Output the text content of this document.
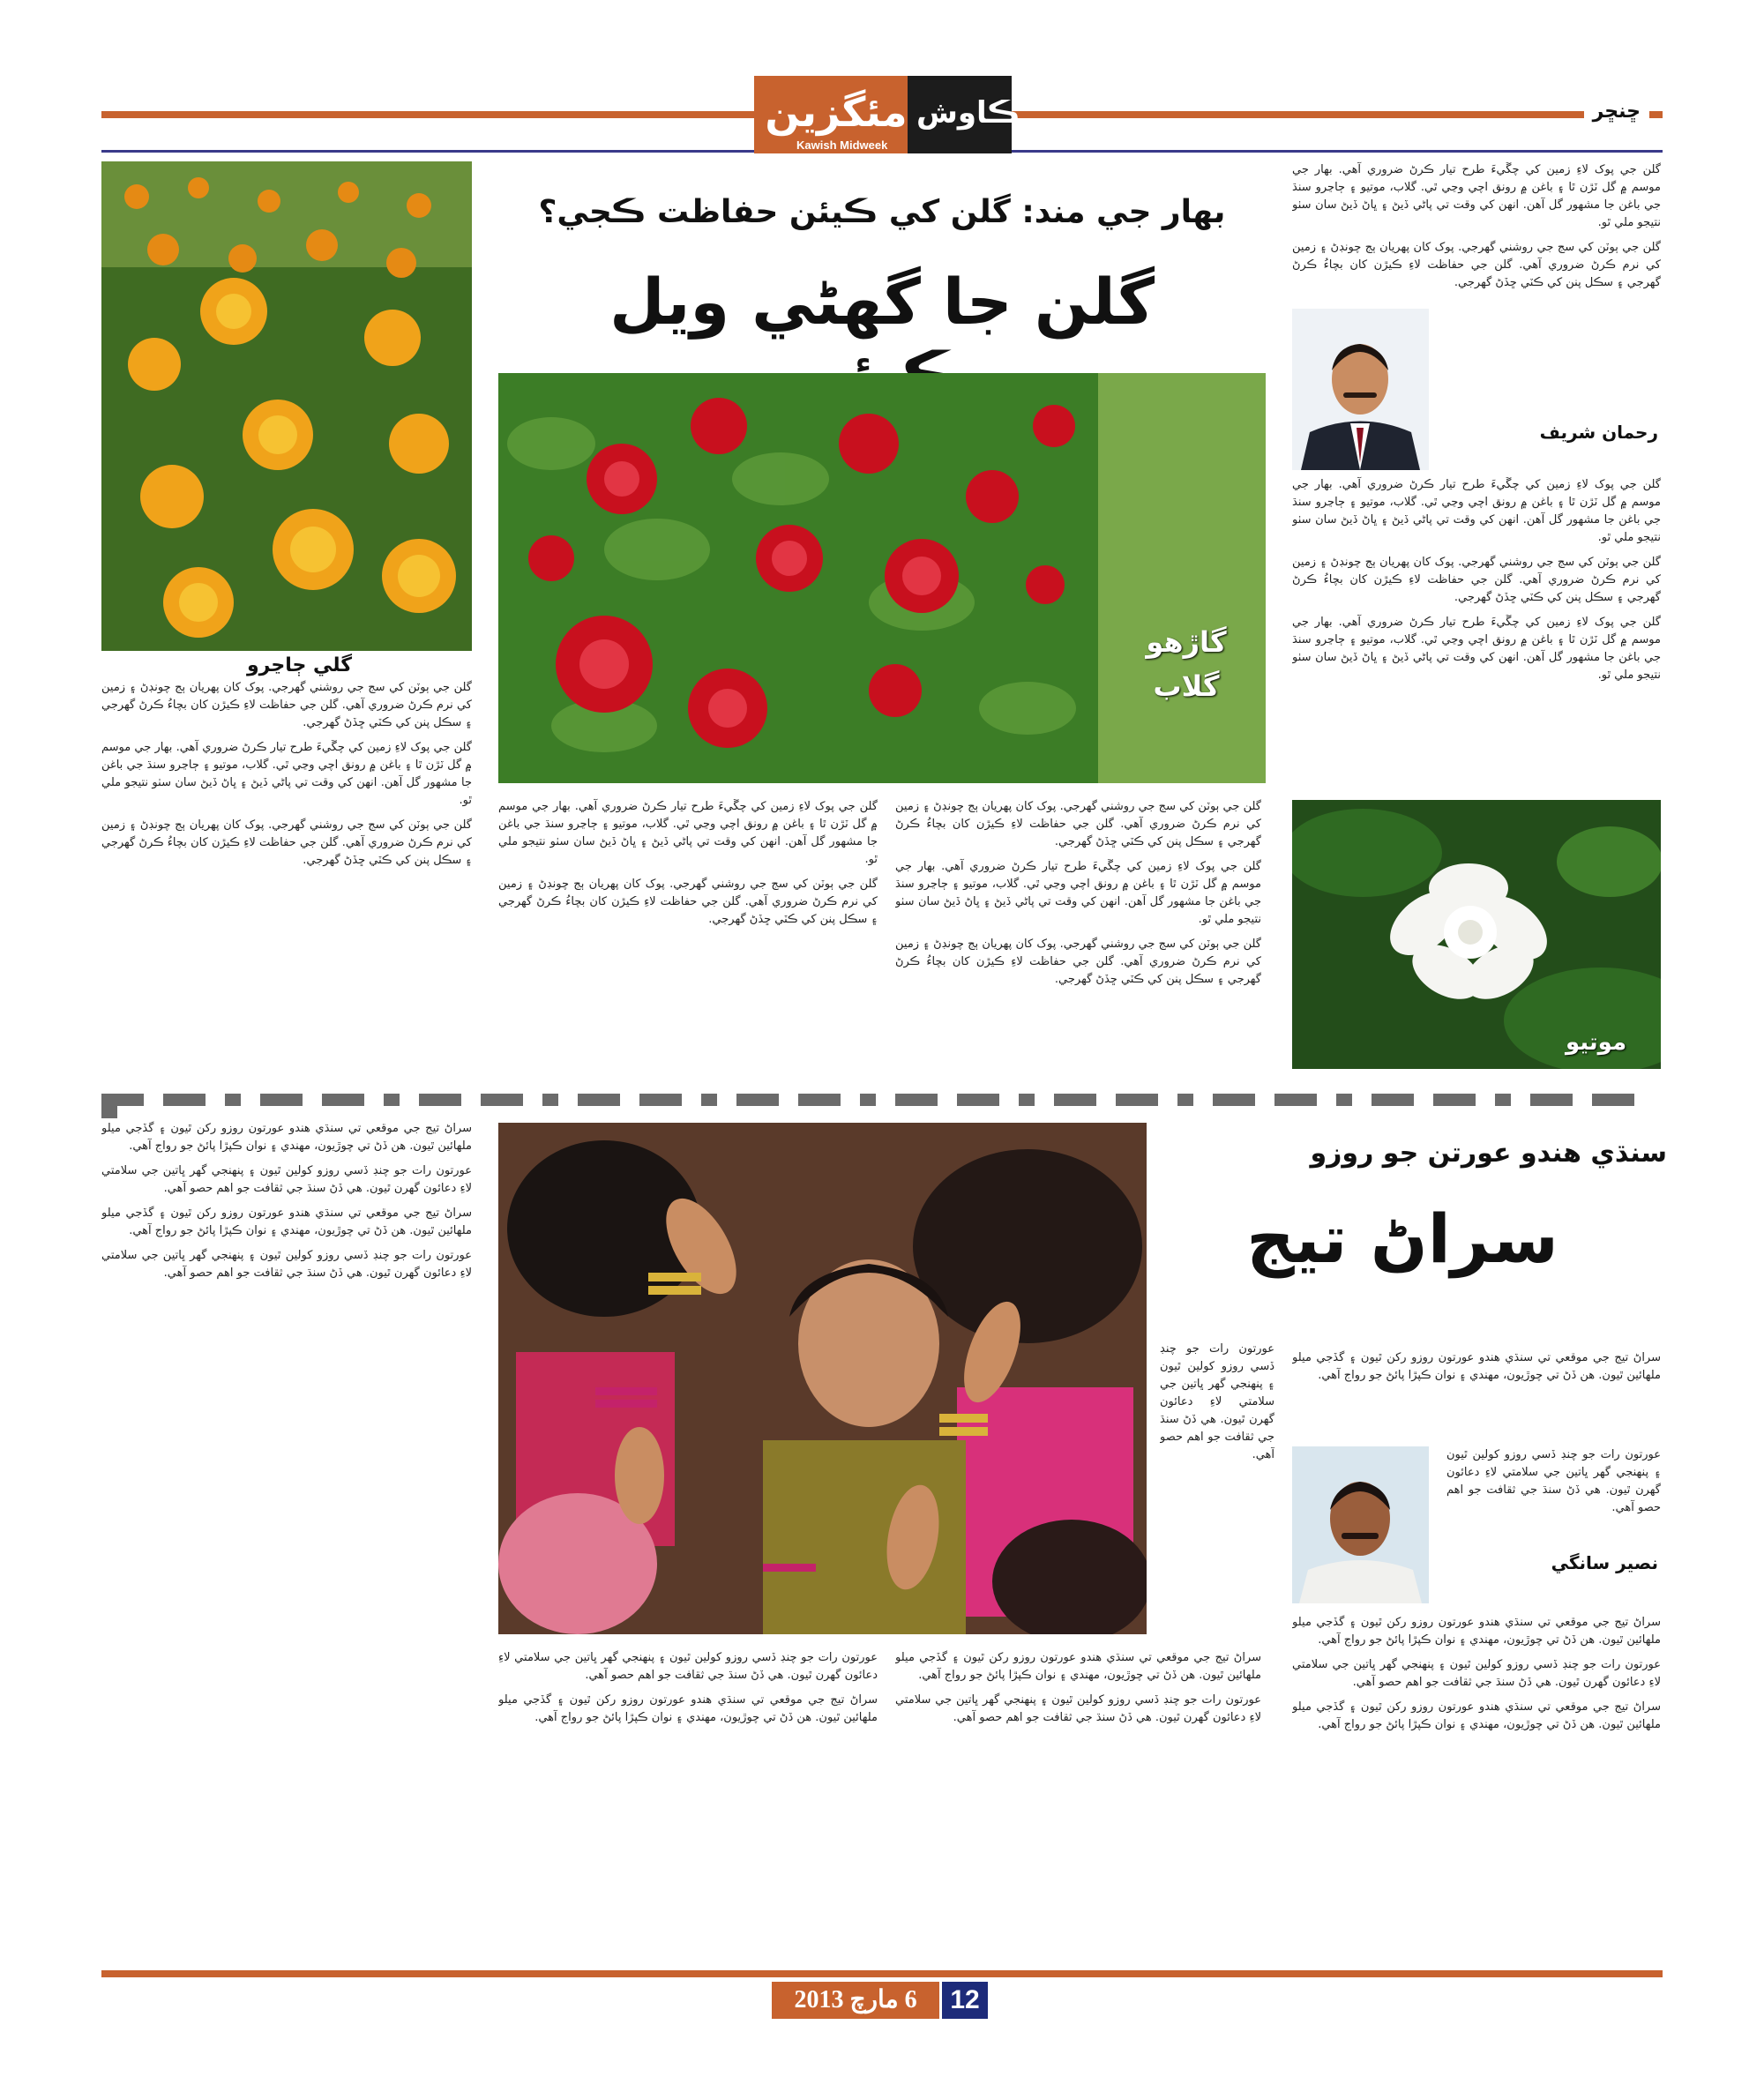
مئگزين
Kawish Midweek
ڪاوش	ڇنڇر
بهار جي مند: گلن کي ڪيئن حفاظت ڪجي؟
گلن جا گهڻي ويل
گلي ڄاڃرو
گاڙهو گلاب
رحمان شريف
موتيو

گلن جي پوک لاءِ زمين کي چڱيءَ طرح تيار ڪرڻ ضروري آهي. بهار جي موسم ۾ گل ٽڙن ٿا ۽ باغن ۾ رونق اچي وڃي ٿي. گلاب، موتيو ۽ ڄاڃرو سنڌ جي باغن جا مشهور گل آهن. انهن کي وقت تي پاڻي ڏيڻ ۽ ڀاڻ ڏيڻ سان سٺو نتيجو ملي ٿو.

گلن جي ٻوٽن کي سج جي روشني گهرجي. پوک کان پهريان ٻج چونڊڻ ۽ زمين کي نرم ڪرڻ ضروري آهي. گلن جي حفاظت لاءِ ڪيڙن کان بچاءُ ڪرڻ گهرجي ۽ سڪل پنن کي ڪٽي ڇڏڻ گهرجي.

گلن جي پوک لاءِ زمين کي چڱيءَ طرح تيار ڪرڻ ضروري آهي. بهار جي موسم ۾ گل ٽڙن ٿا ۽ باغن ۾ رونق اچي وڃي ٿي. گلاب، موتيو ۽ ڄاڃرو سنڌ جي باغن جا مشهور گل آهن. انهن کي وقت تي پاڻي ڏيڻ ۽ ڀاڻ ڏيڻ سان سٺو نتيجو ملي ٿو.

گلن جي ٻوٽن کي سج جي روشني گهرجي. پوک کان پهريان ٻج چونڊڻ ۽ زمين کي نرم ڪرڻ ضروري آهي. گلن جي حفاظت لاءِ ڪيڙن کان بچاءُ ڪرڻ گهرجي ۽ سڪل پنن کي ڪٽي ڇڏڻ گهرجي.

گلن جي پوک لاءِ زمين کي چڱيءَ طرح تيار ڪرڻ ضروري آهي. بهار جي موسم ۾ گل ٽڙن ٿا ۽ باغن ۾ رونق اچي وڃي ٿي. گلاب، موتيو ۽ ڄاڃرو سنڌ جي باغن جا مشهور گل آهن. انهن کي وقت تي پاڻي ڏيڻ ۽ ڀاڻ ڏيڻ سان سٺو نتيجو ملي ٿو.

گلن جي ٻوٽن کي سج جي روشني گهرجي. پوک کان پهريان ٻج چونڊڻ ۽ زمين کي نرم ڪرڻ ضروري آهي. گلن جي حفاظت لاءِ ڪيڙن کان بچاءُ ڪرڻ گهرجي ۽ سڪل پنن کي ڪٽي ڇڏڻ گهرجي.

گلن جي پوک لاءِ زمين کي چڱيءَ طرح تيار ڪرڻ ضروري آهي. بهار جي موسم ۾ گل ٽڙن ٿا ۽ باغن ۾ رونق اچي وڃي ٿي. گلاب، موتيو ۽ ڄاڃرو سنڌ جي باغن جا مشهور گل آهن. انهن کي وقت تي پاڻي ڏيڻ ۽ ڀاڻ ڏيڻ سان سٺو نتيجو ملي ٿو.

گلن جي ٻوٽن کي سج جي روشني گهرجي. پوک کان پهريان ٻج چونڊڻ ۽ زمين کي نرم ڪرڻ ضروري آهي. گلن جي حفاظت لاءِ ڪيڙن کان بچاءُ ڪرڻ گهرجي ۽ سڪل پنن کي ڪٽي ڇڏڻ گهرجي.

گلن جي پوک لاءِ زمين کي چڱيءَ طرح تيار ڪرڻ ضروري آهي. بهار جي موسم ۾ گل ٽڙن ٿا ۽ باغن ۾ رونق اچي وڃي ٿي. گلاب، موتيو ۽ ڄاڃرو سنڌ جي باغن جا مشهور گل آهن. انهن کي وقت تي پاڻي ڏيڻ ۽ ڀاڻ ڏيڻ سان سٺو نتيجو ملي ٿو.

گلن جي ٻوٽن کي سج جي روشني گهرجي. پوک کان پهريان ٻج چونڊڻ ۽ زمين کي نرم ڪرڻ ضروري آهي. گلن جي حفاظت لاءِ ڪيڙن کان بچاءُ ڪرڻ گهرجي ۽ سڪل پنن کي ڪٽي ڇڏڻ گهرجي.

گلن جي ٻوٽن کي سج جي روشني گهرجي. پوک کان پهريان ٻج چونڊڻ ۽ زمين کي نرم ڪرڻ ضروري آهي. گلن جي حفاظت لاءِ ڪيڙن کان بچاءُ ڪرڻ گهرجي ۽ سڪل پنن کي ڪٽي ڇڏڻ گهرجي.

گلن جي پوک لاءِ زمين کي چڱيءَ طرح تيار ڪرڻ ضروري آهي. بهار جي موسم ۾ گل ٽڙن ٿا ۽ باغن ۾ رونق اچي وڃي ٿي. گلاب، موتيو ۽ ڄاڃرو سنڌ جي باغن جا مشهور گل آهن. انهن کي وقت تي پاڻي ڏيڻ ۽ ڀاڻ ڏيڻ سان سٺو نتيجو ملي ٿو.

گلن جي ٻوٽن کي سج جي روشني گهرجي. پوک کان پهريان ٻج چونڊڻ ۽ زمين کي نرم ڪرڻ ضروري آهي. گلن جي حفاظت لاءِ ڪيڙن کان بچاءُ ڪرڻ گهرجي ۽ سڪل پنن کي ڪٽي ڇڏڻ گهرجي.

سنڌي هندو عورتن جو روزو
سراڻ تيج
نصير سانگي

سراڻ تيج جي موقعي تي سنڌي هندو عورتون روزو رکن ٿيون ۽ گڏجي ميلو ملهائين ٿيون. هن ڏڻ تي چوڙيون، مهندي ۽ نوان ڪپڙا پائڻ جو رواج آهي.

عورتون رات جو چنڊ ڏسي روزو کولين ٿيون ۽ پنهنجي گهر ڀاتين جي سلامتي لاءِ دعائون گهرن ٿيون. هي ڏڻ سنڌ جي ثقافت جو اهم حصو آهي.

سراڻ تيج جي موقعي تي سنڌي هندو عورتون روزو رکن ٿيون ۽ گڏجي ميلو ملهائين ٿيون. هن ڏڻ تي چوڙيون، مهندي ۽ نوان ڪپڙا پائڻ جو رواج آهي.

عورتون رات جو چنڊ ڏسي روزو کولين ٿيون ۽ پنهنجي گهر ڀاتين جي سلامتي لاءِ دعائون گهرن ٿيون. هي ڏڻ سنڌ جي ثقافت جو اهم حصو آهي.

سراڻ تيج جي موقعي تي سنڌي هندو عورتون روزو رکن ٿيون ۽ گڏجي ميلو ملهائين ٿيون. هن ڏڻ تي چوڙيون، مهندي ۽ نوان ڪپڙا پائڻ جو رواج آهي.

عورتون رات جو چنڊ ڏسي روزو کولين ٿيون ۽ پنهنجي گهر ڀاتين جي سلامتي لاءِ دعائون گهرن ٿيون. هي ڏڻ سنڌ جي ثقافت جو اهم حصو آهي.

سراڻ تيج جي موقعي تي سنڌي هندو عورتون روزو رکن ٿيون ۽ گڏجي ميلو ملهائين ٿيون. هن ڏڻ تي چوڙيون، مهندي ۽ نوان ڪپڙا پائڻ جو رواج آهي.

عورتون رات جو چنڊ ڏسي روزو کولين ٿيون ۽ پنهنجي گهر ڀاتين جي سلامتي لاءِ دعائون گهرن ٿيون. هي ڏڻ سنڌ جي ثقافت جو اهم حصو آهي.

عورتون رات جو چنڊ ڏسي روزو کولين ٿيون ۽ پنهنجي گهر ڀاتين جي سلامتي لاءِ دعائون گهرن ٿيون. هي ڏڻ سنڌ جي ثقافت جو اهم حصو آهي.

سراڻ تيج جي موقعي تي سنڌي هندو عورتون روزو رکن ٿيون ۽ گڏجي ميلو ملهائين ٿيون. هن ڏڻ تي چوڙيون، مهندي ۽ نوان ڪپڙا پائڻ جو رواج آهي.

سراڻ تيج جي موقعي تي سنڌي هندو عورتون روزو رکن ٿيون ۽ گڏجي ميلو ملهائين ٿيون. هن ڏڻ تي چوڙيون، مهندي ۽ نوان ڪپڙا پائڻ جو رواج آهي.

عورتون رات جو چنڊ ڏسي روزو کولين ٿيون ۽ پنهنجي گهر ڀاتين جي سلامتي لاءِ دعائون گهرن ٿيون. هي ڏڻ سنڌ جي ثقافت جو اهم حصو آهي.

سراڻ تيج جي موقعي تي سنڌي هندو عورتون روزو رکن ٿيون ۽ گڏجي ميلو ملهائين ٿيون. هن ڏڻ تي چوڙيون، مهندي ۽ نوان ڪپڙا پائڻ جو رواج آهي.

عورتون رات جو چنڊ ڏسي روزو کولين ٿيون ۽ پنهنجي گهر ڀاتين جي سلامتي لاءِ دعائون گهرن ٿيون. هي ڏڻ سنڌ جي ثقافت جو اهم حصو آهي.

6 مارچ 2013	12
